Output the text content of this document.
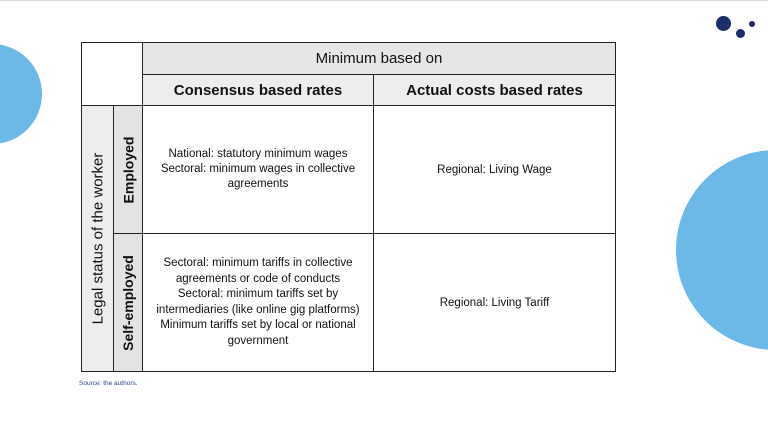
Minimum based on
Consensus based rates	Actual costs based rates
Legal status of the worker Employed
Self-employed
National: statutory minimum wages
Sectoral: minimum wages in collective
agreements
Regional: Living Wage
Sectoral: minimum tariffs in collective
agreements or code of conducts
Sectoral: minimum tariffs set by
intermediaries (like online gig platforms)
Minimum tariffs set by local or national
government
Regional: Living Tariff
Source: the authors.
